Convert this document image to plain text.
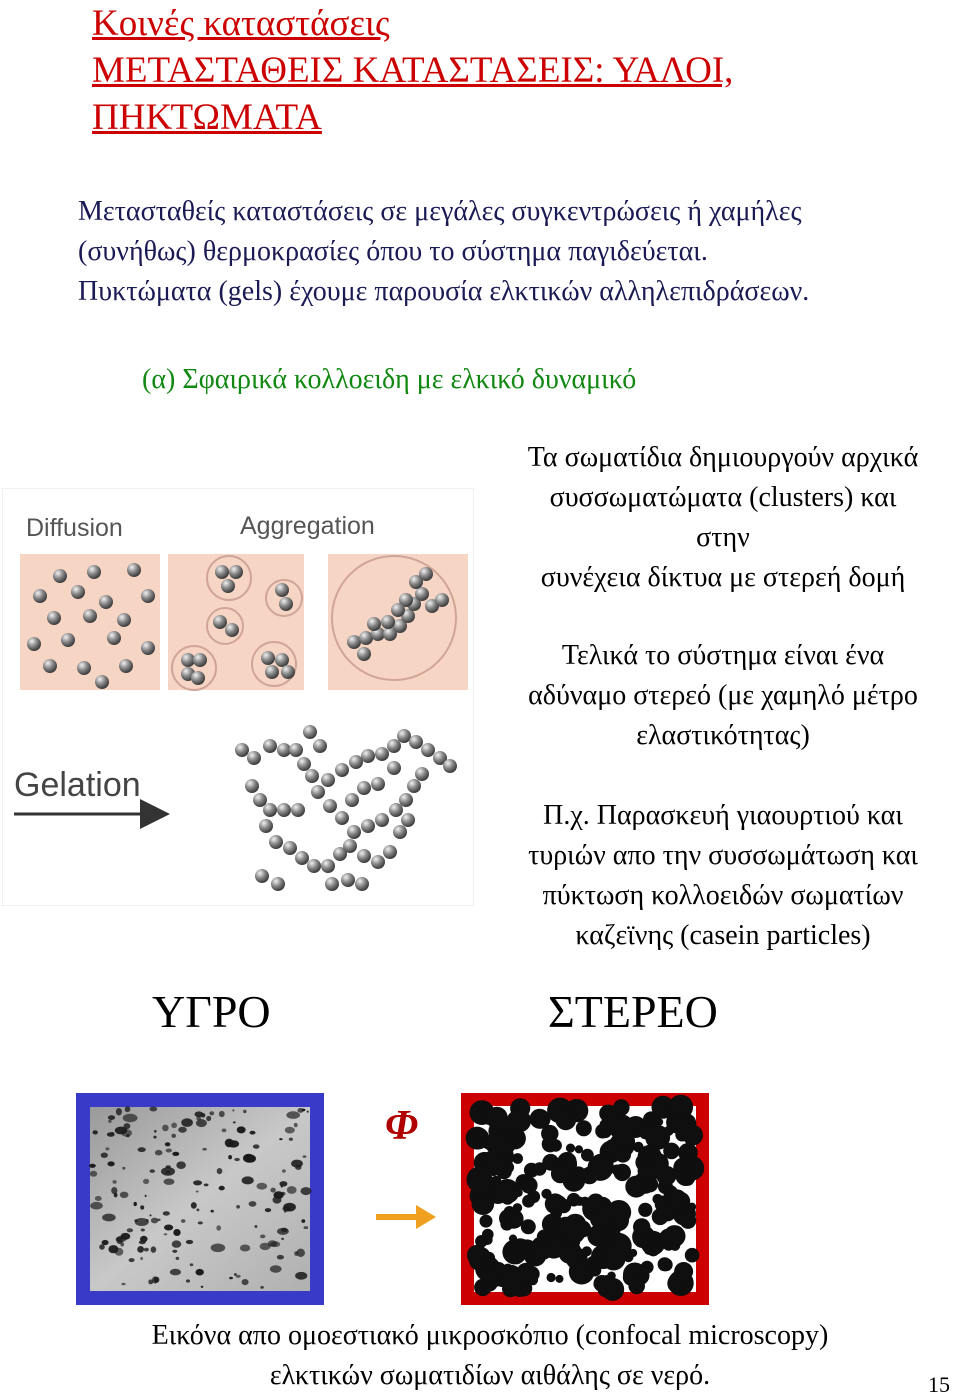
Κοινές καταστάσεις
ΜΕΤΑΣΤΑΘΕΙΣ ΚΑΤΑΣΤΑΣΕΙΣ: ΥΑΛΟΙ,
ΠΗΚΤΩΜΑΤΑ
Μετασταθείς καταστάσεις σε μεγάλες συγκεντρώσεις ή χαμήλες
(συνήθως) θερμοκρασίες όπου το σύστημα παγιδεύεται.
Πυκτώματα (gels) έχουμε παρουσία ελκτικών αλληλεπιδράσεων.
(α) Σφαιρικά κολλοειδη με ελκικό δυναμικό
Diffusion	Aggregation
Gelation
Τα σωματίδια δημιουργούν αρχικά
συσσωματώματα (clusters) και
στην
συνέχεια δίκτυα με στερεή δομή
Τελικά το σύστημα είναι ένα
αδύναμο στερεό (με χαμηλό μέτρο
ελαστικότητας)
Π.χ. Παρασκευή γιαουρτιού και
τυριών απο την συσσωμάτωση και
πύκτωση κολλοειδών σωματίων
καζεϊνης (casein particles)
ΥΓΡΟ	ΣΤΕΡΕΟ
Φ
Εικόνα απο ομοεστιακό μικροσκόπιο (confocal microscopy)
ελκτικών σωματιδίων αιθάλης σε νερό.	15
